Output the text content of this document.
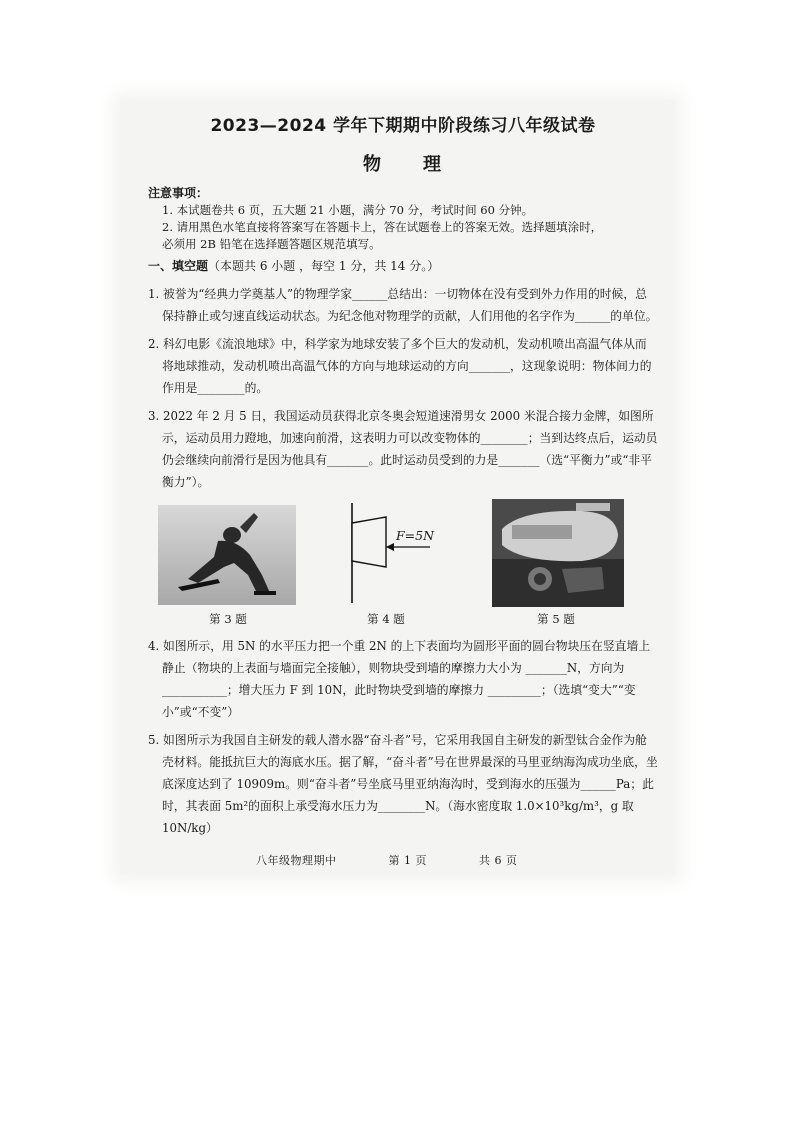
2023—2024 学年下期期中阶段练习八年级试卷
物　　理
注意事项：
1. 本试题卷共 6 页，五大题 21 小题，满分 70 分，考试时间 60 分钟。
2. 请用黑色水笔直接将答案写在答题卡上，答在试题卷上的答案无效。选择题填涂时，
必须用 2B 铅笔在选择题答题区规范填写。
一、填空题（本题共 6 小题 ，每空 1 分，共 14 分。）
1. 被誉为“经典力学奠基人”的物理学家______总结出：一切物体在没有受到外力作用的时候，总保持静止或匀速直线运动状态。为纪念他对物理学的贡献，人们用他的名字作为______的单位。
2. 科幻电影《流浪地球》中，科学家为地球安装了多个巨大的发动机，发动机喷出高温气体从而将地球推动，发动机喷出高温气体的方向与地球运动的方向_______，这现象说明：物体间力的作用是________的。
3. 2022 年 2 月 5 日，我国运动员获得北京冬奥会短道速滑男女 2000 米混合接力金牌，如图所示，运动员用力蹬地，加速向前滑，这表明力可以改变物体的________；当到达终点后，运动员仍会继续向前滑行是因为他具有_______。此时运动员受到的力是_______（选“平衡力”或“非平衡力”）。
第 3 题
F=5N
第 4 题	第 5 题
4. 如图所示，用 5N 的水平压力把一个重 2N 的上下表面均为圆形平面的圆台物块压在竖直墙上静止（物块的上表面与墙面完全接触），则物块受到墙的摩擦力大小为 _______N，方向为 ___________；增大压力 F 到 10N，此时物块受到墙的摩擦力 _________；（选填“变大”“变小”或“不变”）
5. 如图所示为我国自主研发的载人潜水器“奋斗者”号，它采用我国自主研发的新型钛合金作为舱壳材料。能抵抗巨大的海底水压。据了解，“奋斗者”号在世界最深的马里亚纳海沟成功坐底，坐底深度达到了 10909m。则“奋斗者”号坐底马里亚纳海沟时，受到海水的压强为______Pa；此时，其表面 5m²的面积上承受海水压力为________N。（海水密度取 1.0×10³kg/m³，g 取 10N/kg）
八年级物理期中	第 1 页	共 6 页
